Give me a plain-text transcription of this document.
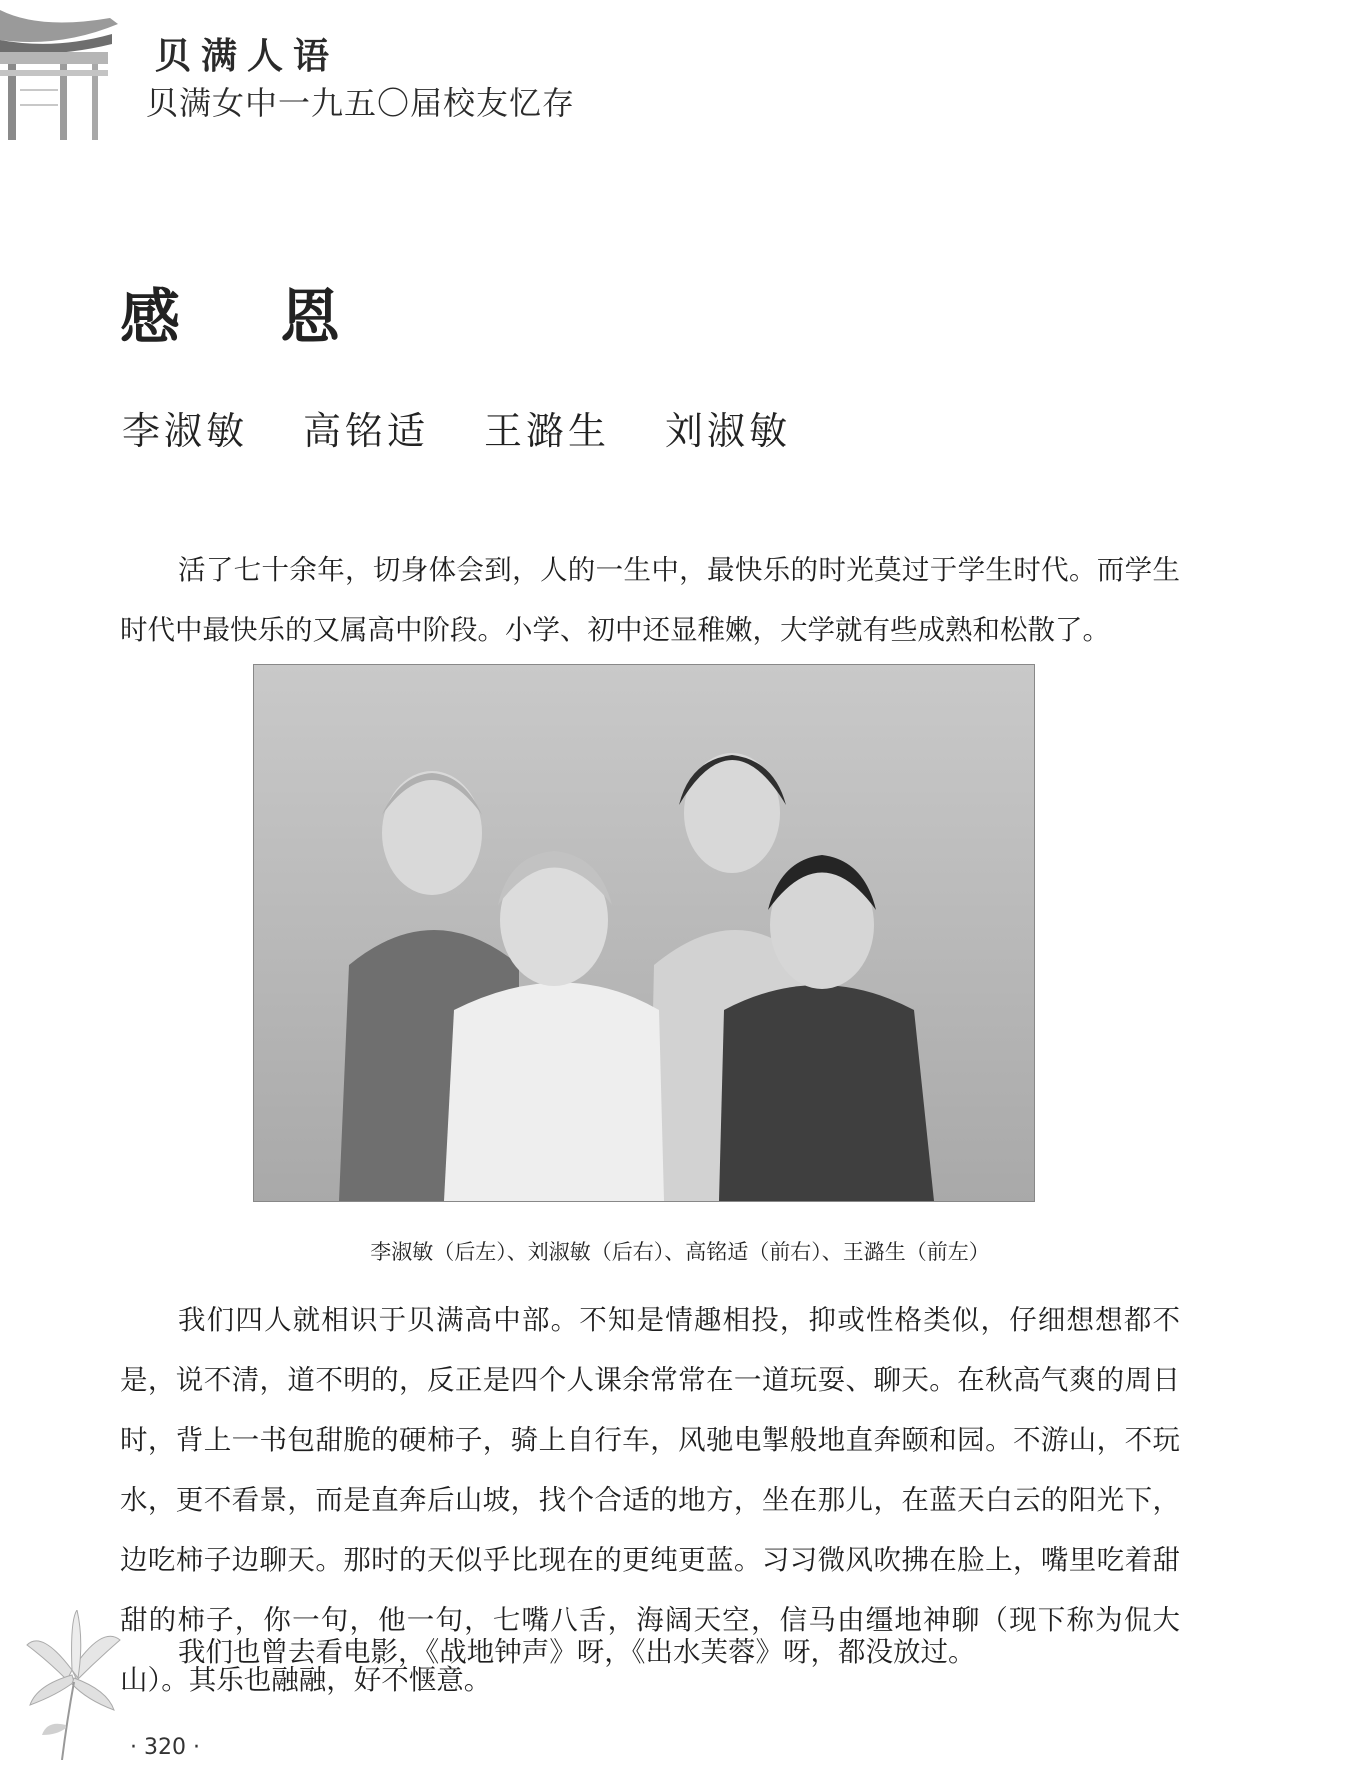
贝满人语
贝满女中一九五〇届校友忆存
感恩
李淑敏 高铭适 王潞生 刘淑敏

活了七十余年，切身体会到，人的一生中，最快乐的时光莫过于学生时代。而学生时代中最快乐的又属高中阶段。小学、初中还显稚嫩，大学就有些成熟和松散了。

李淑敏（后左）、刘淑敏（后右）、高铭适（前右）、王潞生（前左）

我们四人就相识于贝满高中部。不知是情趣相投，抑或性格类似，仔细想想都不是，说不清，道不明的，反正是四个人课余常常在一道玩耍、聊天。在秋高气爽的周日时，背上一书包甜脆的硬柿子，骑上自行车，风驰电掣般地直奔颐和园。不游山，不玩水，更不看景，而是直奔后山坡，找个合适的地方，坐在那儿，在蓝天白云的阳光下，边吃柿子边聊天。那时的天似乎比现在的更纯更蓝。习习微风吹拂在脸上，嘴里吃着甜甜的柿子，你一句，他一句，七嘴八舌，海阔天空，信马由缰地神聊（现下称为侃大山）。其乐也融融，好不惬意。

我们也曾去看电影，《战地钟声》呀，《出水芙蓉》呀，都没放过。

· 320 ·
